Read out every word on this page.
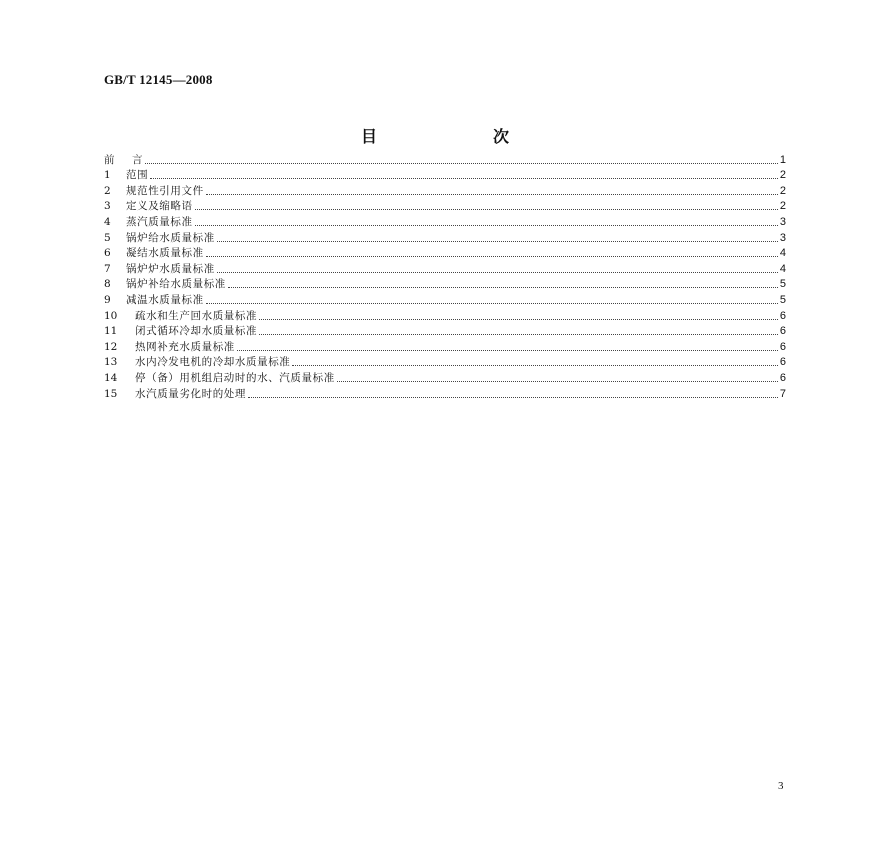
GB/T 12145—2008
目　次
前	言	1
1	范围	2
2	规范性引用文件	2
3	定义及缩略语	2
4	蒸汽质量标准	3
5	锅炉给水质量标准	3
6	凝结水质量标准	4
7	锅炉炉水质量标准	4
8	锅炉补给水质量标准	5
9	减温水质量标准	5
10	疏水和生产回水质量标准	6
11	闭式循环冷却水质量标准	6
12	热网补充水质量标准	6
13	水内冷发电机的冷却水质量标准	6
14	停（备）用机组启动时的水、汽质量标准	6
15	水汽质量劣化时的处理	7
3
